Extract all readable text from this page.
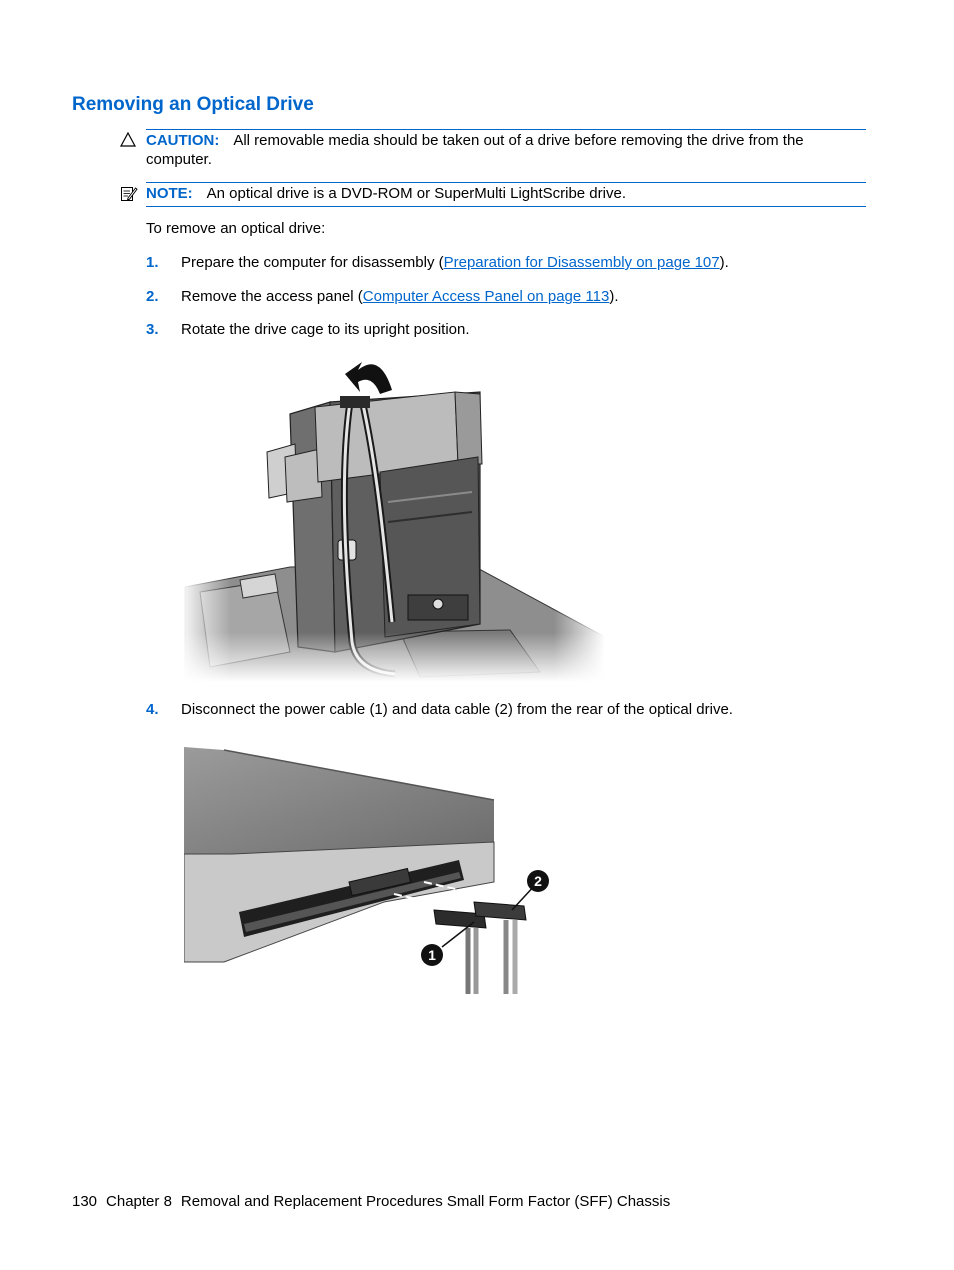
Removing an Optical Drive
CAUTION: All removable media should be taken out of a drive before removing the drive from the computer.
NOTE: An optical drive is a DVD-ROM or SuperMulti LightScribe drive.
To remove an optical drive:
1. Prepare the computer for disassembly (Preparation for Disassembly on page 107).
2. Remove the access panel (Computer Access Panel on page 113).
3. Rotate the drive cage to its upright position.
4. Disconnect the power cable (1) and data cable (2) from the rear of the optical drive.
1
2
130 Chapter 8 Removal and Replacement Procedures Small Form Factor (SFF) Chassis
